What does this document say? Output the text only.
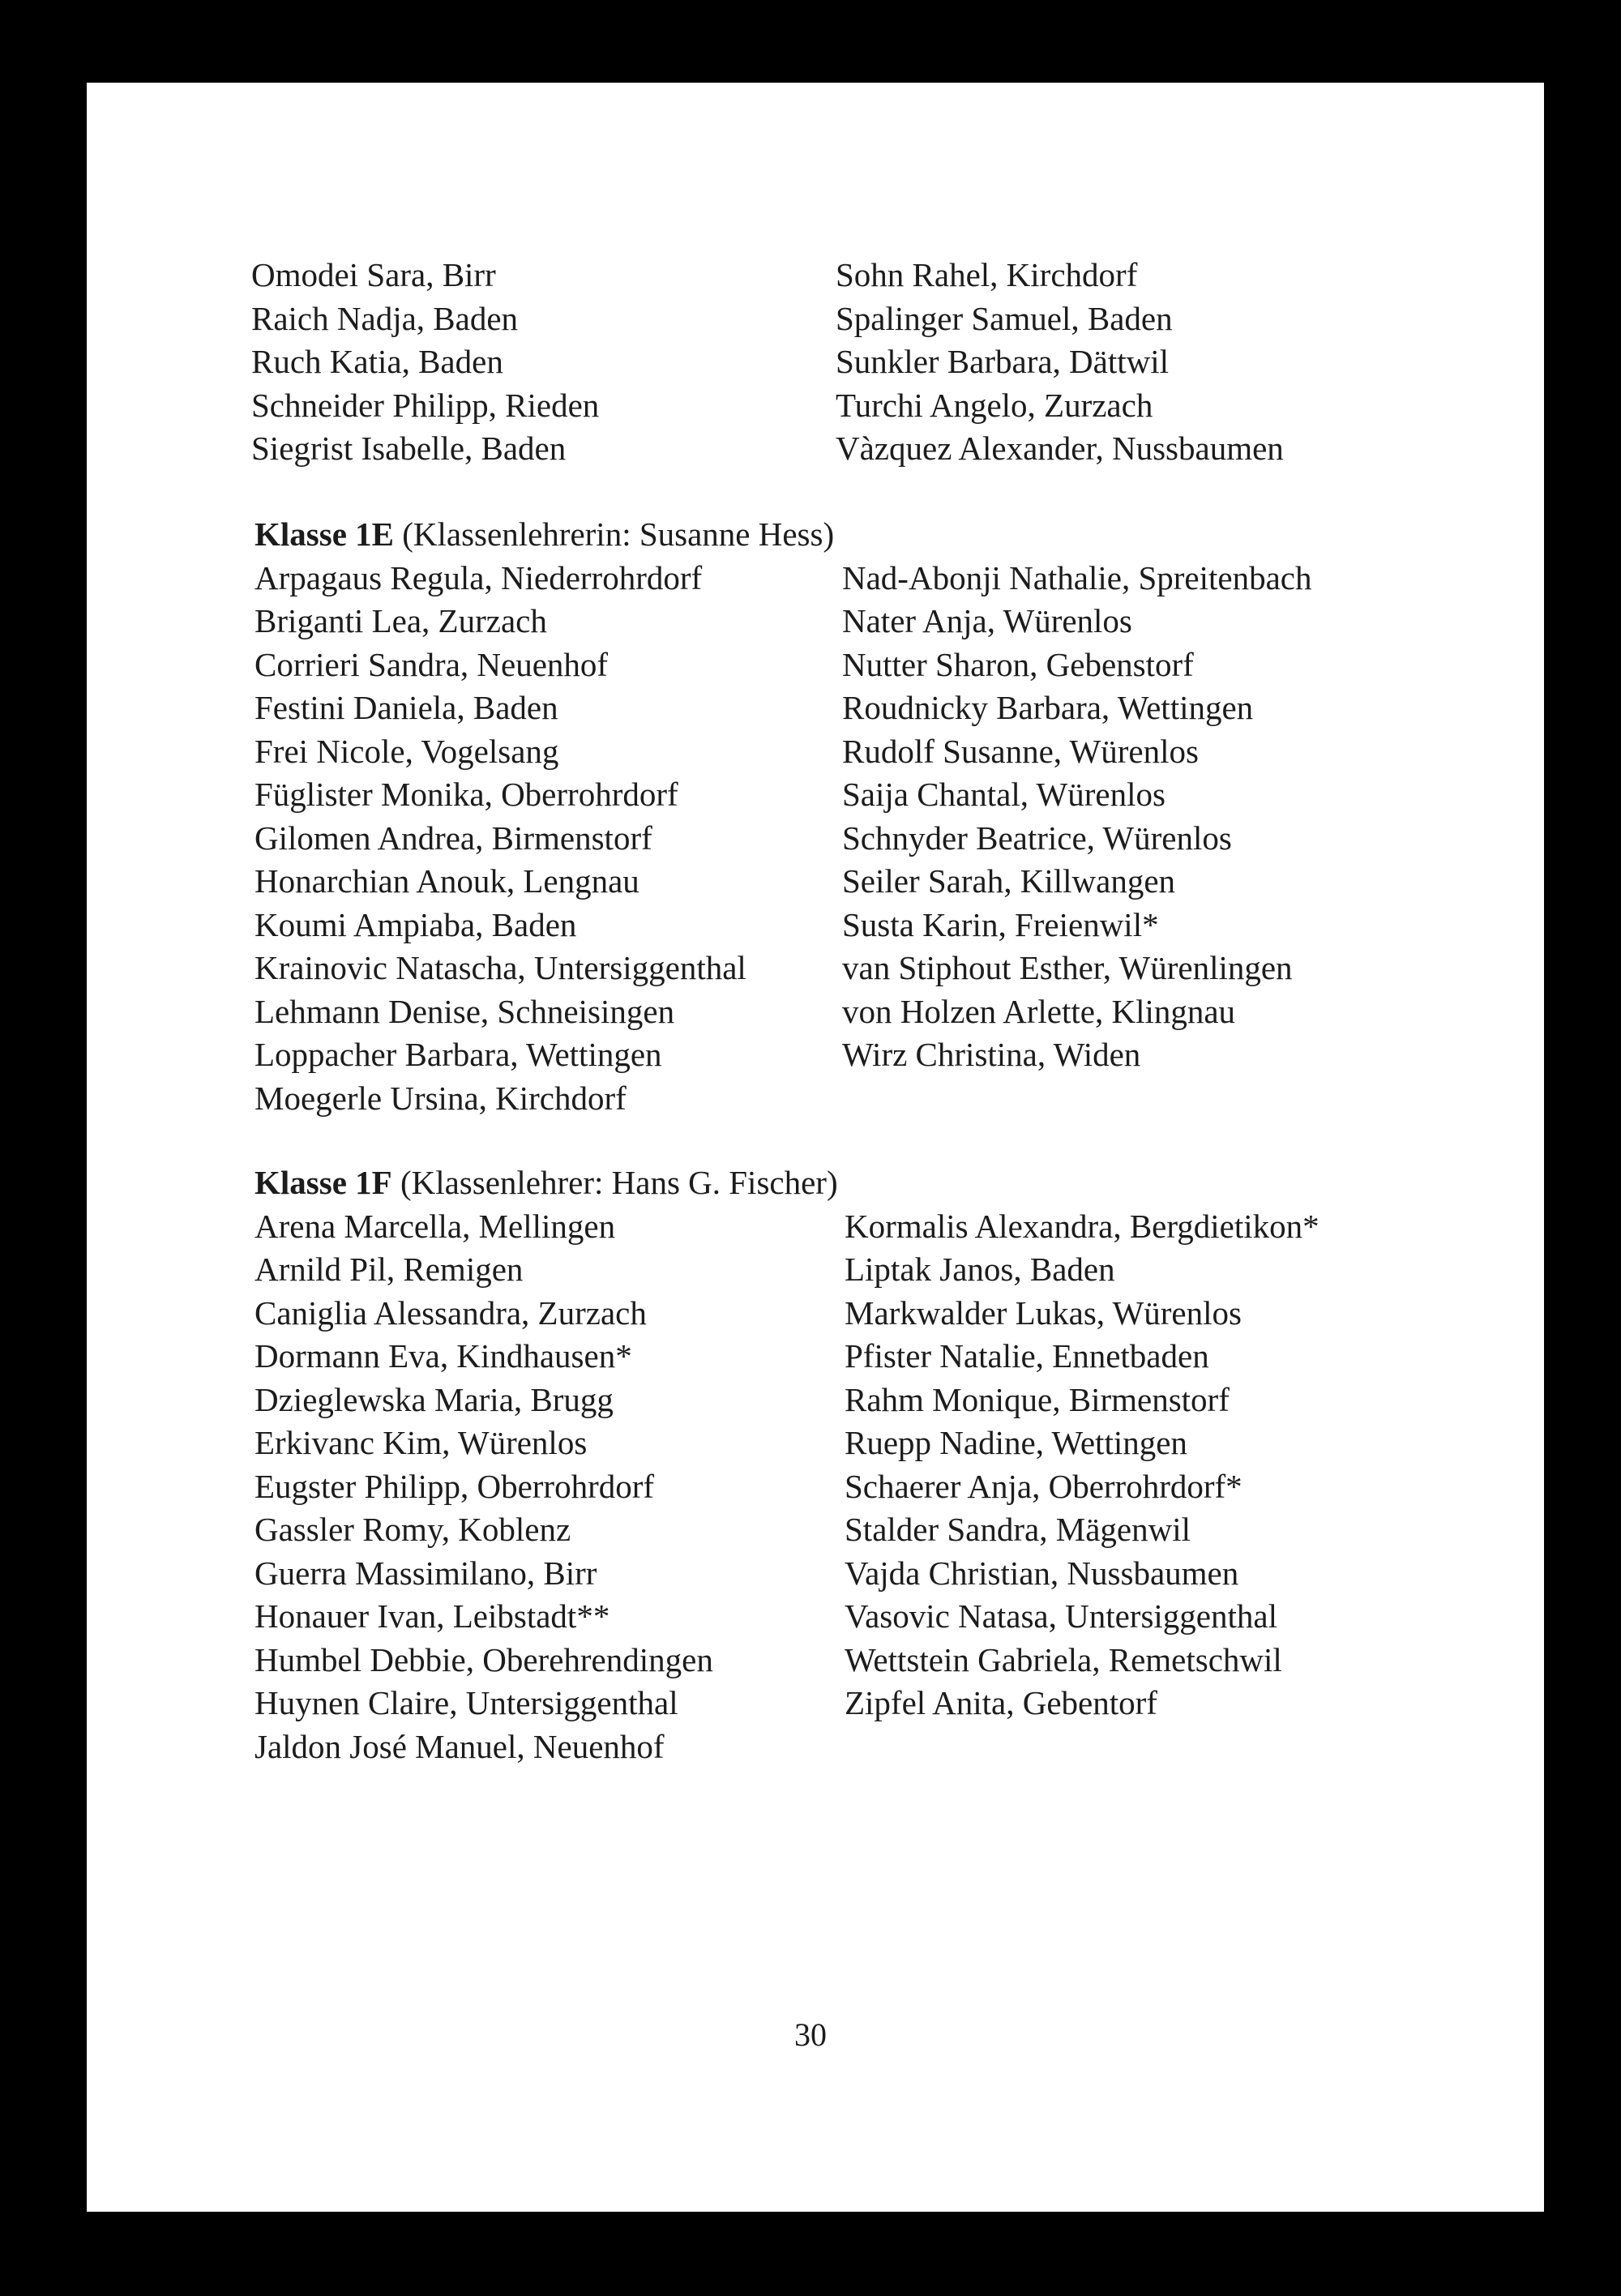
Omodei Sara, Birr
Raich Nadja, Baden
Ruch Katia, Baden
Schneider Philipp, Rieden
Siegrist Isabelle, Baden
Sohn Rahel, Kirchdorf
Spalinger Samuel, Baden
Sunkler Barbara, Dättwil
Turchi Angelo, Zurzach
Vàzquez Alexander, Nussbaumen
Klasse 1E (Klassenlehrerin: Susanne Hess)
Arpagaus Regula, Niederrohrdorf
Briganti Lea, Zurzach
Corrieri Sandra, Neuenhof
Festini Daniela, Baden
Frei Nicole, Vogelsang
Füglister Monika, Oberrohrdorf
Gilomen Andrea, Birmenstorf
Honarchian Anouk, Lengnau
Koumi Ampiaba, Baden
Krainovic Natascha, Untersiggenthal
Lehmann Denise, Schneisingen
Loppacher Barbara, Wettingen
Moegerle Ursina, Kirchdorf
Nad-Abonji Nathalie, Spreitenbach
Nater Anja, Würenlos
Nutter Sharon, Gebenstorf
Roudnicky Barbara, Wettingen
Rudolf Susanne, Würenlos
Saija Chantal, Würenlos
Schnyder Beatrice, Würenlos
Seiler Sarah, Killwangen
Susta Karin, Freienwil*
van Stiphout Esther, Würenlingen
von Holzen Arlette, Klingnau
Wirz Christina, Widen
Klasse 1F (Klassenlehrer: Hans G. Fischer)
Arena Marcella, Mellingen
Arnild Pil, Remigen
Caniglia Alessandra, Zurzach
Dormann Eva, Kindhausen*
Dzieglewska Maria, Brugg
Erkivanc Kim, Würenlos
Eugster Philipp, Oberrohrdorf
Gassler Romy, Koblenz
Guerra Massimilano, Birr
Honauer Ivan, Leibstadt**
Humbel Debbie, Oberehrendingen
Huynen Claire, Untersiggenthal
Jaldon José Manuel, Neuenhof
Kormalis Alexandra, Bergdietikon*
Liptak Janos, Baden
Markwalder Lukas, Würenlos
Pfister Natalie, Ennetbaden
Rahm Monique, Birmenstorf
Ruepp Nadine, Wettingen
Schaerer Anja, Oberrohrdorf*
Stalder Sandra, Mägenwil
Vajda Christian, Nussbaumen
Vasovic Natasa, Untersiggenthal
Wettstein Gabriela, Remetschwil
Zipfel Anita, Gebentorf
30
